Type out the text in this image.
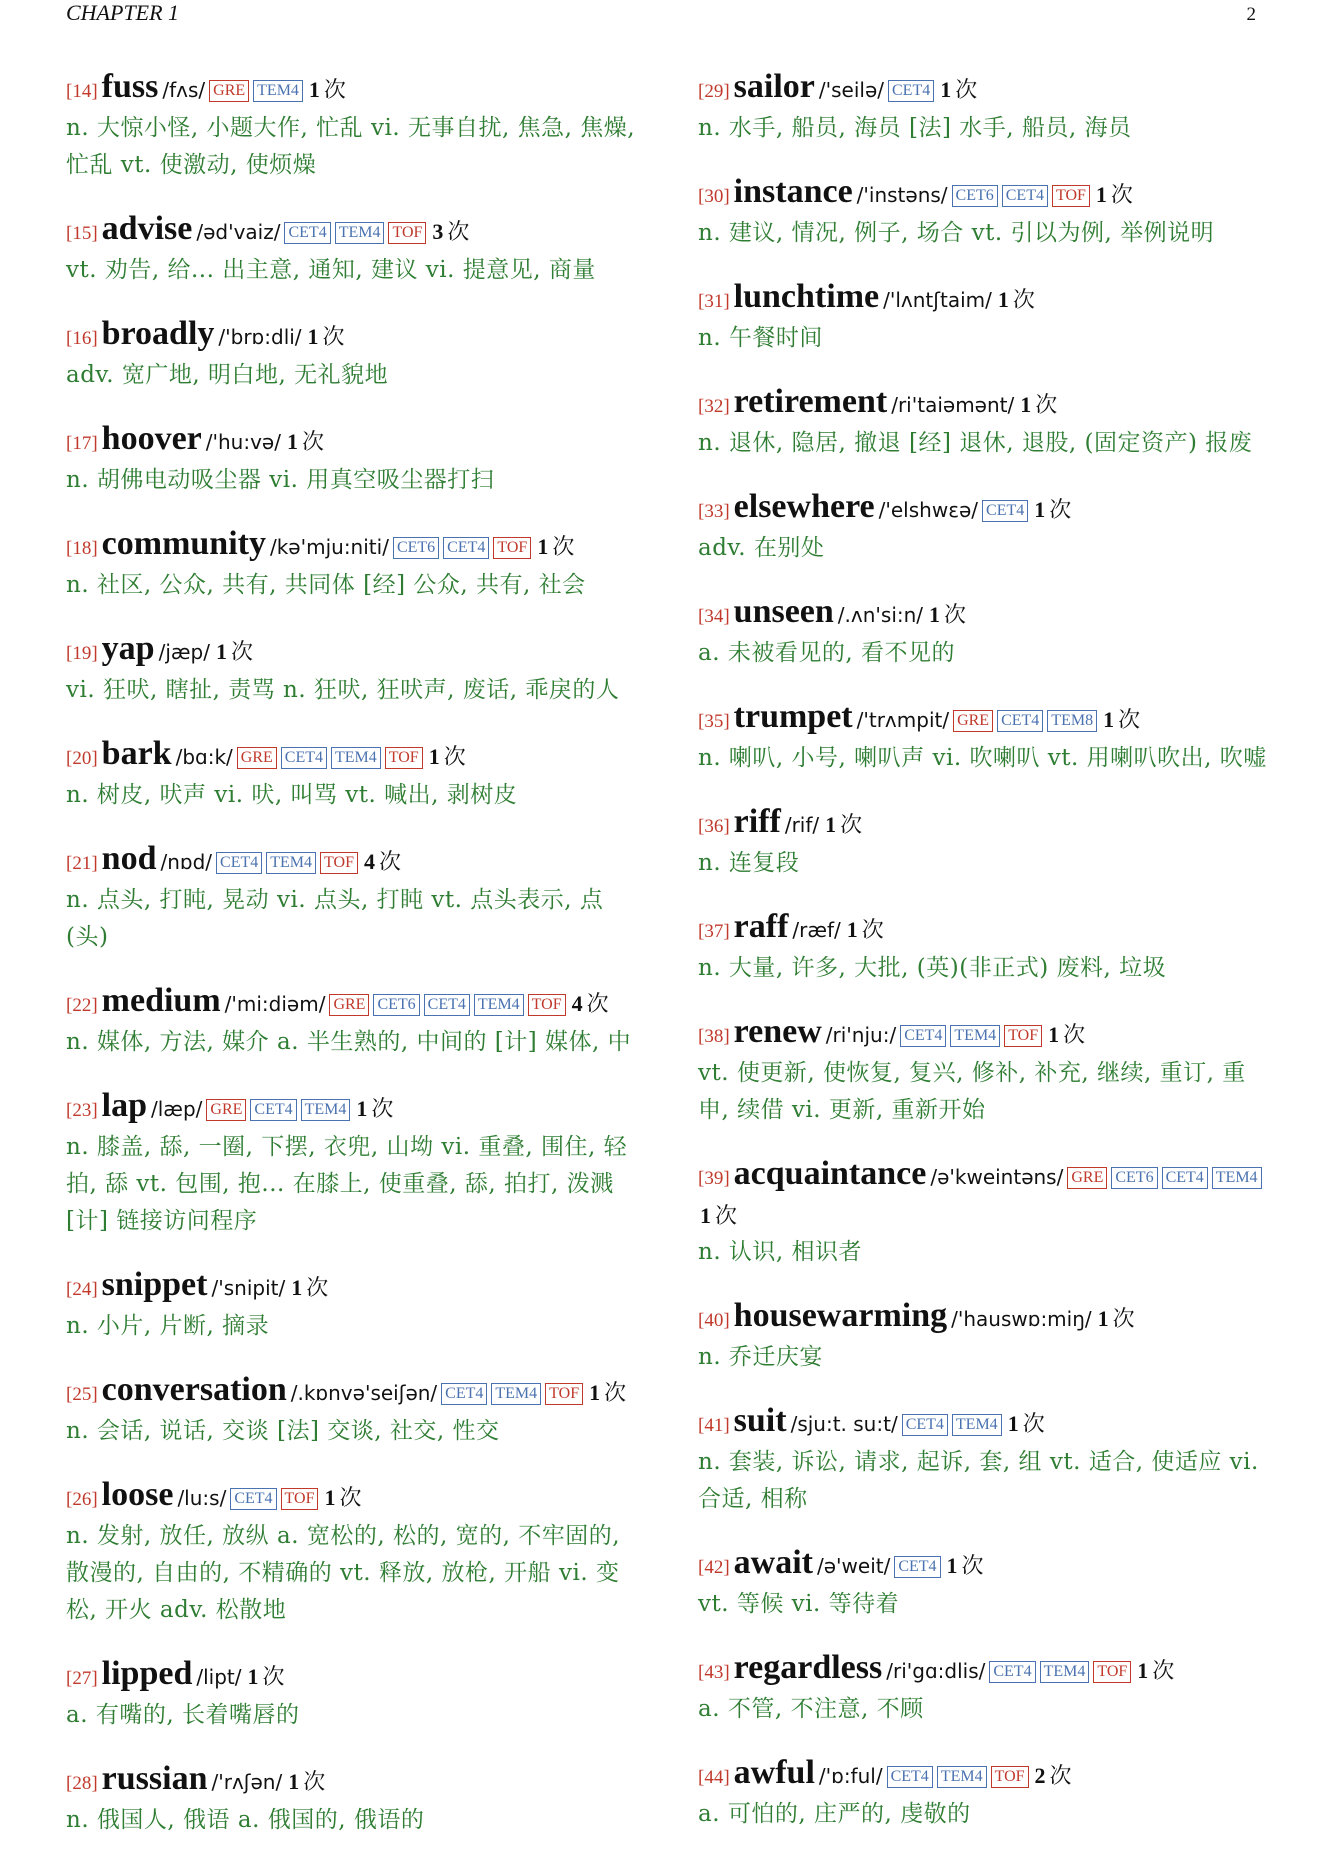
CHAPTER 1	2
[14] fuss /fʌs/ GRE TEM4 1 次
n. 大惊小怪, 小题大作, 忙乱 vi. 无事自扰, 焦急, 焦燥, 忙乱 vt. 使激动, 使烦燥
[15] advise /əd'vaiz/ CET4 TEM4 TOF 3 次
vt. 劝告, 给... 出主意, 通知, 建议 vi. 提意见, 商量
[16] broadly /'brɒ:dli/ 1 次
adv. 宽广地, 明白地, 无礼貌地
[17] hoover /'hu:və/ 1 次
n. 胡佛电动吸尘器 vi. 用真空吸尘器打扫
[18] community /kə'mju:niti/ CET6 CET4 TOF 1 次
n. 社区, 公众, 共有, 共同体 [经] 公众, 共有, 社会
[19] yap /jæp/ 1 次
vi. 狂吠, 瞎扯, 责骂 n. 狂吠, 狂吠声, 废话, 乖戾的人
[20] bark /bɑ:k/ GRE CET4 TEM4 TOF 1 次
n. 树皮, 吠声 vi. 吠, 叫骂 vt. 喊出, 剥树皮
[21] nod /nɒd/ CET4 TEM4 TOF 4 次
n. 点头, 打盹, 晃动 vi. 点头, 打盹 vt. 点头表示, 点 (头)
[22] medium /'mi:diəm/ GRE CET6 CET4 TEM4 TOF 4 次
n. 媒体, 方法, 媒介 a. 半生熟的, 中间的 [计] 媒体, 中
[23] lap /læp/ GRE CET4 TEM4 1 次
n. 膝盖, 舔, 一圈, 下摆, 衣兜, 山坳 vi. 重叠, 围住, 轻拍, 舔 vt. 包围, 抱... 在膝上, 使重叠, 舔, 拍打, 泼溅 [计] 链接访问程序
[24] snippet /'snipit/ 1 次
n. 小片, 片断, 摘录
[25] conversation /.kɒnvə'seiʃən/ CET4 TEM4 TOF 1 次
n. 会话, 说话, 交谈 [法] 交谈, 社交, 性交
[26] loose /lu:s/ CET4 TOF 1 次
n. 发射, 放任, 放纵 a. 宽松的, 松的, 宽的, 不牢固的, 散漫的, 自由的, 不精确的 vt. 释放, 放枪, 开船 vi. 变松, 开火 adv. 松散地
[27] lipped /lipt/ 1 次
a. 有嘴的, 长着嘴唇的
[28] russian /'rʌʃən/ 1 次
n. 俄国人, 俄语 a. 俄国的, 俄语的
[29] sailor /'seilə/ CET4 1 次
n. 水手, 船员, 海员 [法] 水手, 船员, 海员
[30] instance /'instəns/ CET6 CET4 TOF 1 次
n. 建议, 情况, 例子, 场合 vt. 引以为例, 举例说明
[31] lunchtime /'lʌntʃtaim/ 1 次
n. 午餐时间
[32] retirement /ri'taiəmənt/ 1 次
n. 退休, 隐居, 撤退 [经] 退休, 退股, (固定资产) 报废
[33] elsewhere /'elshwεə/ CET4 1 次
adv. 在别处
[34] unseen /.ʌn'si:n/ 1 次
a. 未被看见的, 看不见的
[35] trumpet /'trʌmpit/ GRE CET4 TEM8 1 次
n. 喇叭, 小号, 喇叭声 vi. 吹喇叭 vt. 用喇叭吹出, 吹嘘
[36] riff /rif/ 1 次
n. 连复段
[37] raff /ræf/ 1 次
n. 大量, 许多, 大批, (英)(非正式) 废料, 垃圾
[38] renew /ri'nju:/ CET4 TEM4 TOF 1 次
vt. 使更新, 使恢复, 复兴, 修补, 补充, 继续, 重订, 重申, 续借 vi. 更新, 重新开始
[39] acquaintance /ə'kweintəns/ GRE CET6 CET4 TEM41 次
n. 认识, 相识者
[40] housewarming /'hauswɒ:miŋ/ 1 次
n. 乔迁庆宴
[41] suit /sju:t. su:t/ CET4 TEM4 1 次
n. 套装, 诉讼, 请求, 起诉, 套, 组 vt. 适合, 使适应 vi. 合适, 相称
[42] await /ə'weit/ CET4 1 次
vt. 等候 vi. 等待着
[43] regardless /ri'gɑ:dlis/ CET4 TEM4 TOF 1 次
a. 不管, 不注意, 不顾
[44] awful /'ɒ:ful/ CET4 TEM4 TOF 2 次
a. 可怕的, 庄严的, 虔敬的
